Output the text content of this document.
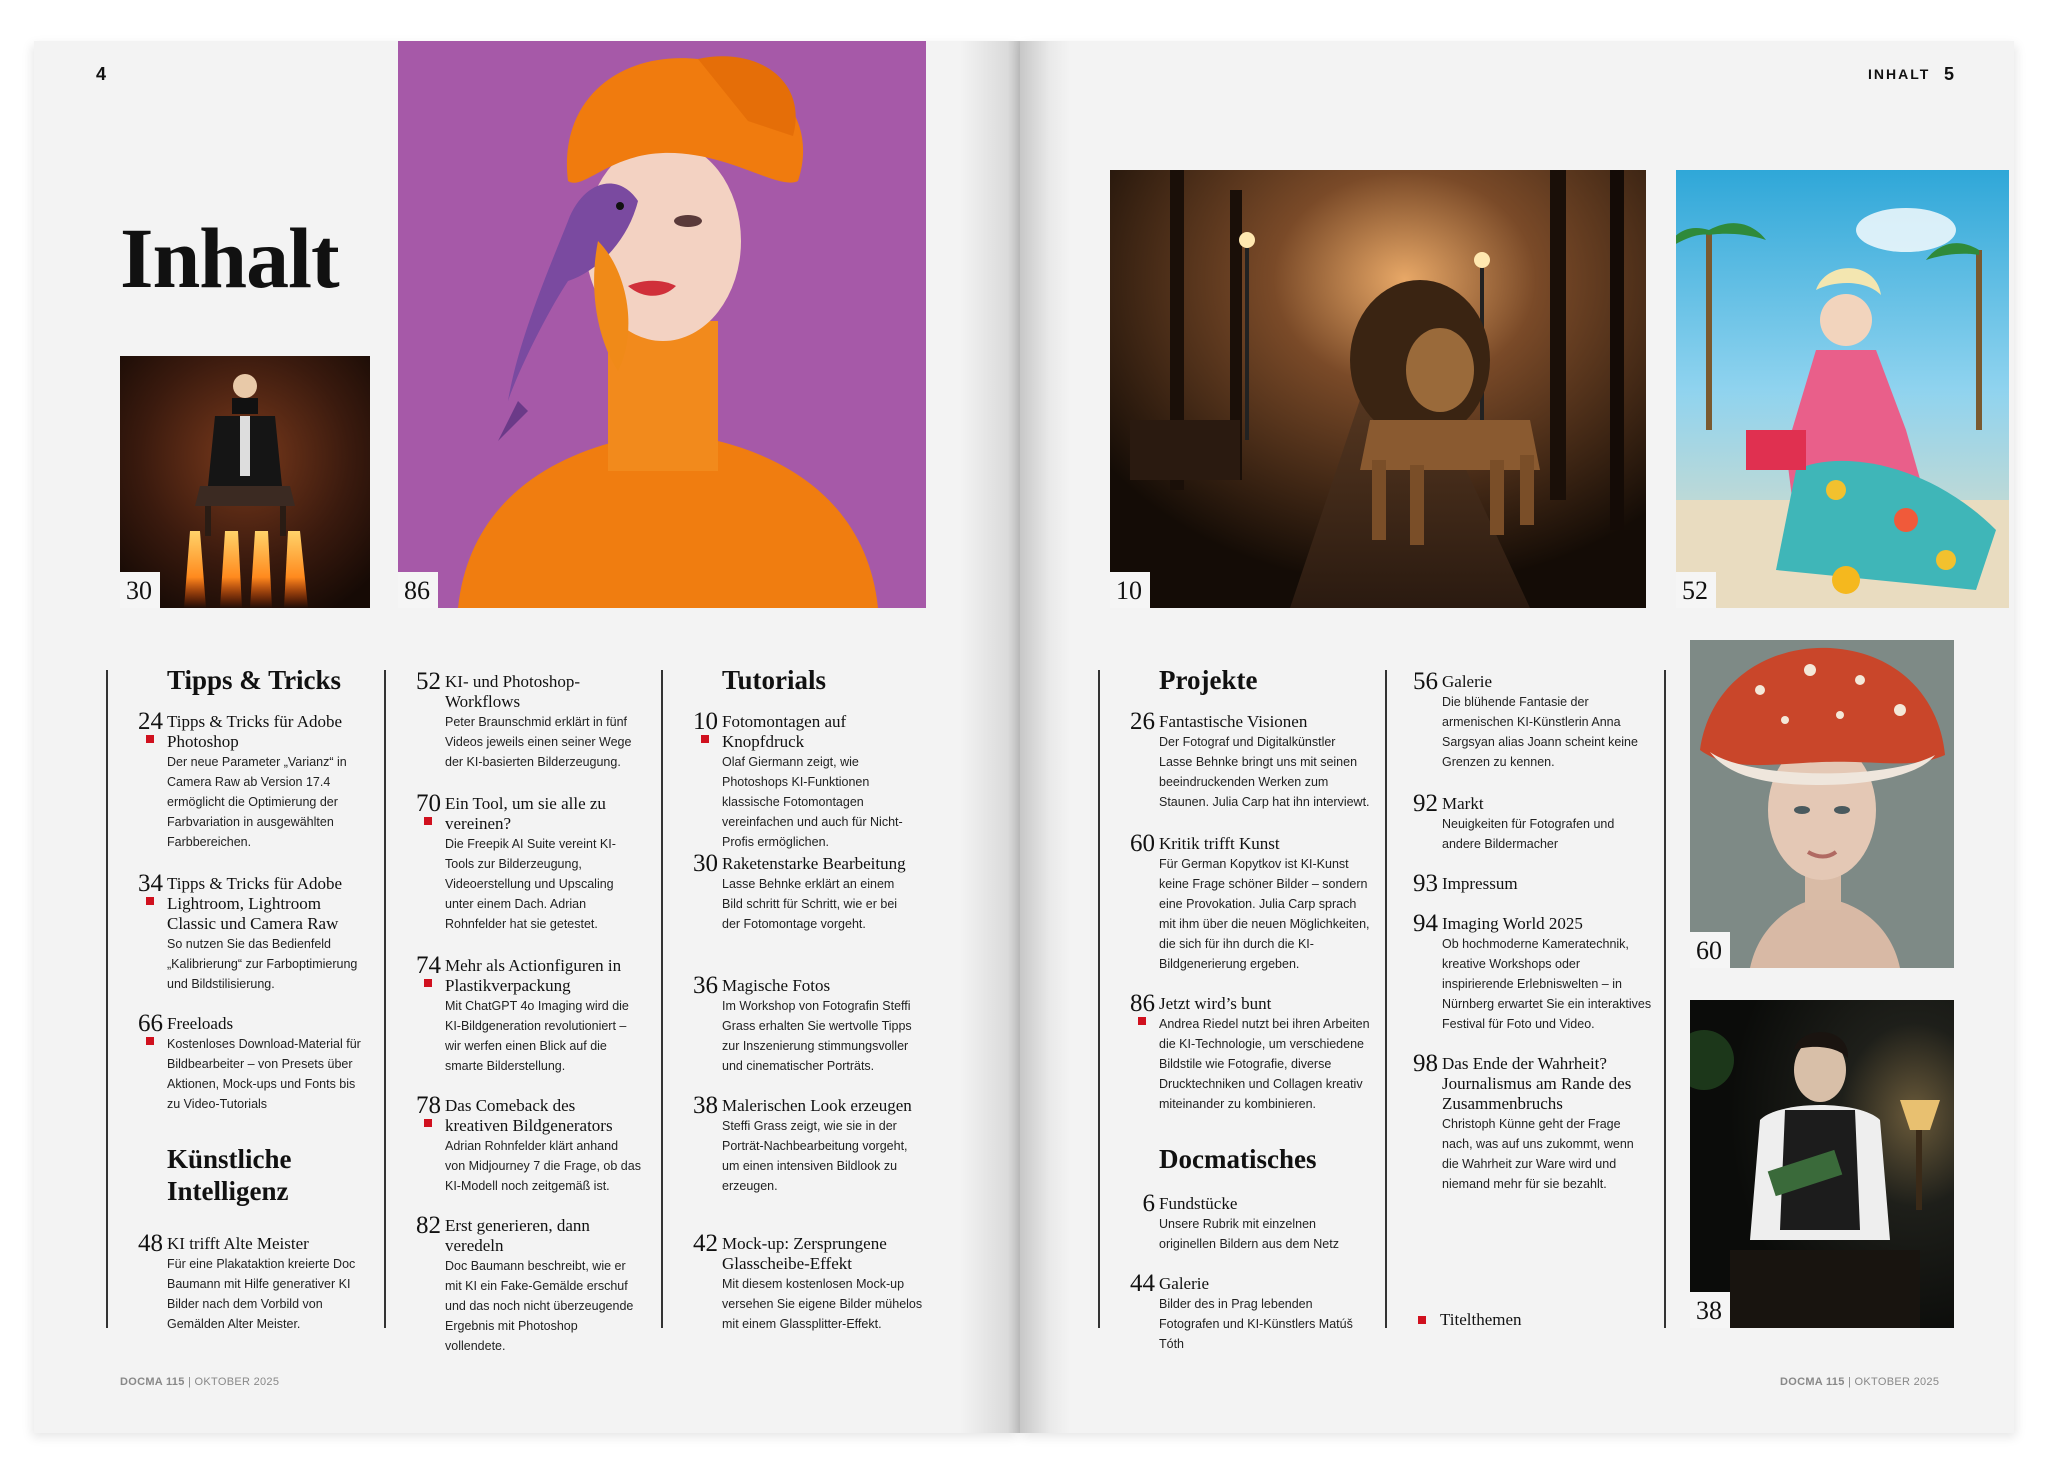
4	INHALT 5
Inhalt
30	86	10	52
60
38
Tipps & Tricks
24 Tipps & Tricks für Adobe Photoshop
Der neue Parameter „Varianz“ in Camera Raw ab Version 17.4 ermöglicht die Optimierung der Farbvariation in ausgewählten Farbbereichen.
34 Tipps & Tricks für Adobe Lightroom, Lightroom Classic und Camera Raw
So nutzen Sie das Bedienfeld „Kalibrierung“ zur Farboptimierung und Bildstilisierung.
66 Freeloads
Kostenloses Download-Material für Bildbearbeiter – von Presets über Aktionen, Mock-ups und Fonts bis zu Video-Tutorials
Künstliche
Intelligenz
48 KI trifft Alte Meister
Für eine Plakataktion kreierte Doc Baumann mit Hilfe generativer KI Bilder nach dem Vorbild von Gemälden Alter Meister.
52 KI- und Photoshop-Workflows
Peter Braunschmid erklärt in fünf Videos jeweils einen seiner Wege der KI-basierten Bilderzeugung.
70 Ein Tool, um sie alle zu vereinen?
Die Freepik AI Suite vereint KI-Tools zur Bilderzeugung, Videoerstellung und Upscaling unter einem Dach. Adrian Rohnfelder hat sie getestet.
74 Mehr als Actionfiguren in Plastikverpackung
Mit ChatGPT 4o Imaging wird die KI-Bildgeneration revolutioniert – wir werfen einen Blick auf die smarte Bilderstellung.
78 Das Comeback des kreativen Bildgenerators
Adrian Rohnfelder klärt anhand von Midjourney 7 die Frage, ob das KI-Modell noch zeitgemäß ist.
82 Erst generieren, dann veredeln
Doc Baumann beschreibt, wie er mit KI ein Fake-Gemälde erschuf und das noch nicht überzeugende Ergebnis mit Photoshop vollendete.
Tutorials
10 Fotomontagen auf Knopfdruck
Olaf Giermann zeigt, wie Photoshops KI-Funktionen klassische Fotomontagen vereinfachen und auch für Nicht-Profis ermöglichen.
30 Raketenstarke Bearbeitung
Lasse Behnke erklärt an einem Bild schritt für Schritt, wie er bei der Fotomontage vorgeht.
36 Magische Fotos
Im Workshop von Fotografin Steffi Grass erhalten Sie wertvolle Tipps zur Inszenierung stimmungsvoller und cinematischer Porträts.
38 Malerischen Look erzeugen
Steffi Grass zeigt, wie sie in der Porträt-Nachbearbeitung vorgeht, um einen intensiven Bildlook zu erzeugen.
42 Mock-up: Zersprungene Glasscheibe-Effekt
Mit diesem kostenlosen Mock-up versehen Sie eigene Bilder mühelos mit einem Glassplitter-Effekt.
Projekte
26 Fantastische Visionen
Der Fotograf und Digitalkünstler Lasse Behnke bringt uns mit seinen beeindruckenden Werken zum Staunen. Julia Carp hat ihn interviewt.
60 Kritik trifft Kunst
Für German Kopytkov ist KI-Kunst keine Frage schöner Bilder – sondern eine Provokation. Julia Carp sprach mit ihm über die neuen Möglichkeiten, die sich für ihn durch die KI-Bildgenerierung ergeben.
86 Jetzt wird’s bunt
Andrea Riedel nutzt bei ihren Arbeiten die KI-Technologie, um verschiedene Bildstile wie Fotografie, diverse Drucktechniken und Collagen kreativ miteinander zu kombinieren.
Docmatisches
6 Fundstücke
Unsere Rubrik mit einzelnen originellen Bildern aus dem Netz
44 Galerie
Bilder des in Prag lebenden Fotografen und KI-Künstlers Matúš Tóth
56 Galerie
Die blühende Fantasie der armenischen KI-Künstlerin Anna Sargsyan alias Joann scheint keine Grenzen zu kennen.
92 Markt
Neuigkeiten für Fotografen und andere Bildermacher
93 Impressum
94 Imaging World 2025
Ob hochmoderne Kameratechnik, kreative Workshops oder inspirierende Erlebniswelten – in Nürnberg erwartet Sie ein interaktives Festival für Foto und Video.
98 Das Ende der Wahrheit? Journalismus am Rande des Zusammenbruchs
Christoph Künne geht der Frage nach, was auf uns zukommt, wenn die Wahrheit zur Ware wird und niemand mehr für sie bezahlt.
Titelthemen
DOCMA 115 | OKTOBER 2025	DOCMA 115 | OKTOBER 2025
